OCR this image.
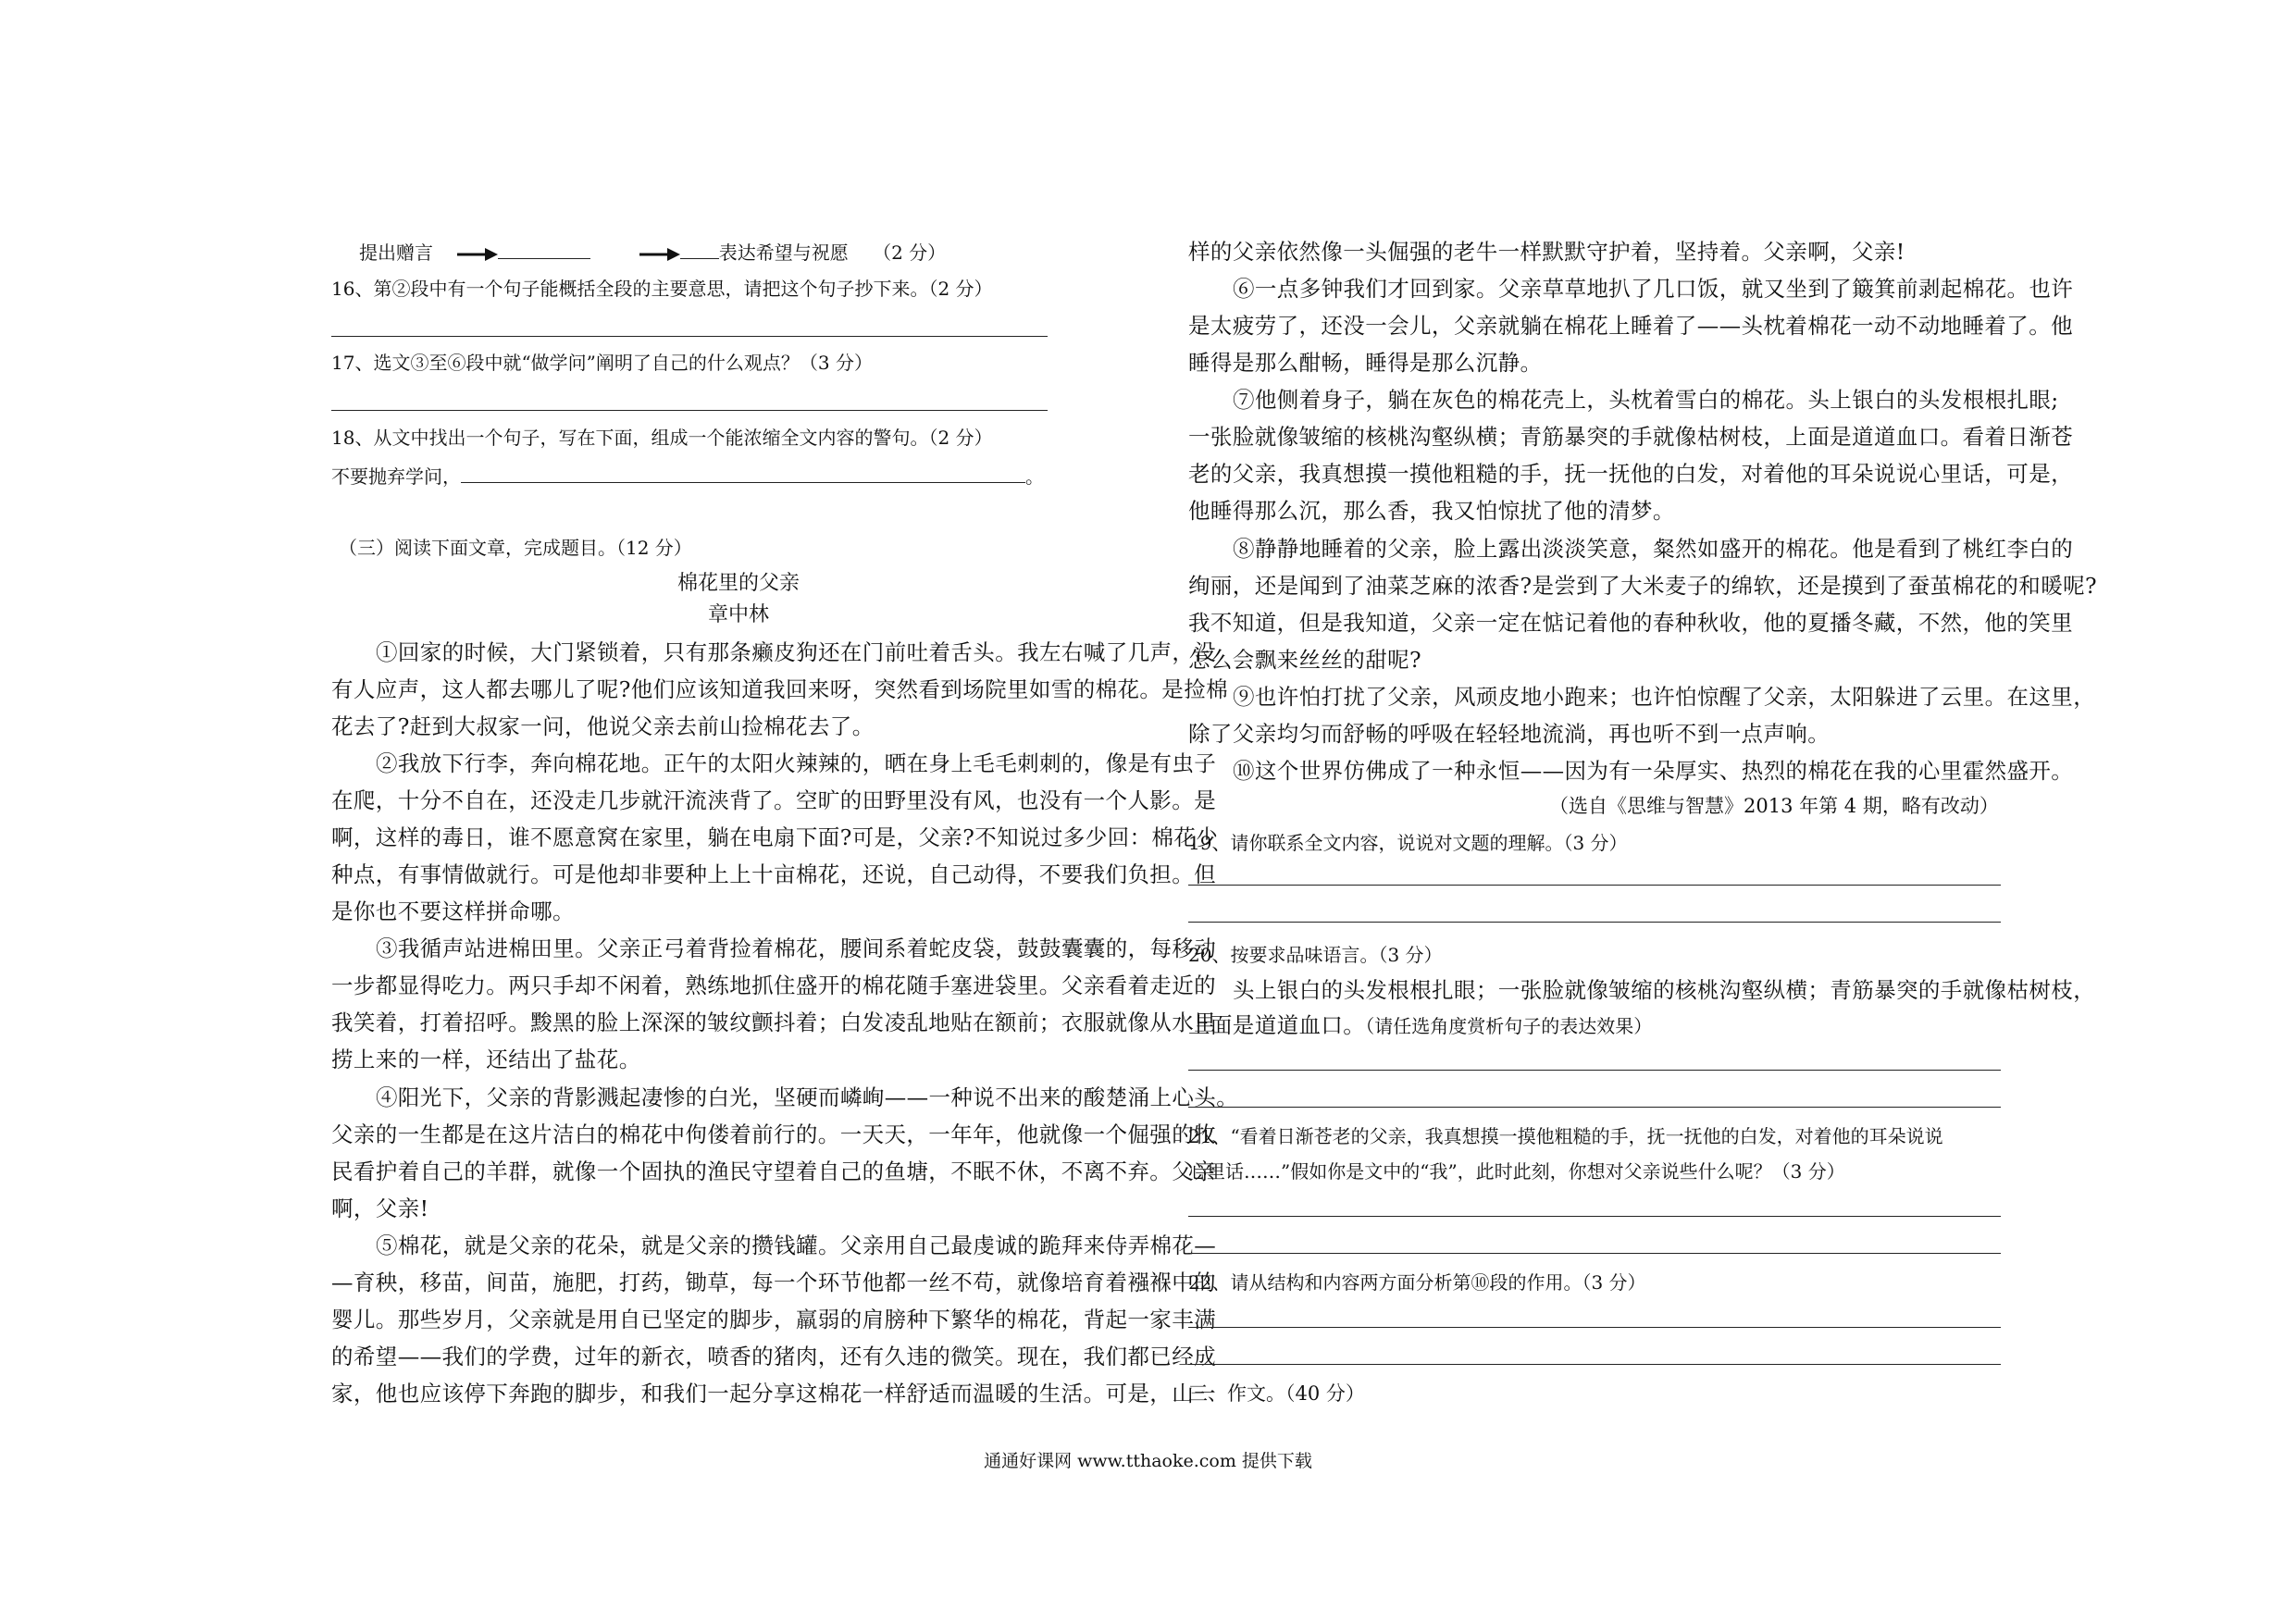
提出赠言	表达希望与祝愿 （2 分）
16、第②段中有一个句子能概括全段的主要意思，请把这个句子抄下来。（2 分）
17、选文③至⑥段中就“做学问”阐明了自己的什么观点？（3 分）
18、从文中找出一个句子，写在下面，组成一个能浓缩全文内容的警句。（2 分）
不要抛弃学问，	。
（三）阅读下面文章，完成题目。（12 分）
棉花里的父亲
章中林
①回家的时候，大门紧锁着，只有那条癞皮狗还在门前吐着舌头。我左右喊了几声，没
有人应声，这人都去哪儿了呢?他们应该知道我回来呀，突然看到场院里如雪的棉花。是捡棉
花去了?赶到大叔家一问，他说父亲去前山捡棉花去了。
②我放下行李，奔向棉花地。正午的太阳火辣辣的，晒在身上毛毛刺刺的，像是有虫子
在爬，十分不自在，还没走几步就汗流浃背了。空旷的田野里没有风，也没有一个人影。是
啊，这样的毒日，谁不愿意窝在家里，躺在电扇下面?可是，父亲?不知说过多少回：棉花少
种点，有事情做就行。可是他却非要种上上十亩棉花，还说，自己动得，不要我们负担。但
是你也不要这样拼命哪。
③我循声站进棉田里。父亲正弓着背捡着棉花，腰间系着蛇皮袋，鼓鼓囊囊的，每移动
一步都显得吃力。两只手却不闲着，熟练地抓住盛开的棉花随手塞进袋里。父亲看着走近的
我笑着，打着招呼。黢黑的脸上深深的皱纹颤抖着；白发凌乱地贴在额前；衣服就像从水里
捞上来的一样，还结出了盐花。
④阳光下，父亲的背影溅起凄惨的白光，坚硬而嶙峋——一种说不出来的酸楚涌上心头。
父亲的一生都是在这片洁白的棉花中佝偻着前行的。一天天，一年年，他就像一个倔强的牧
民看护着自己的羊群，就像一个固执的渔民守望着自己的鱼塘，不眠不休，不离不弃。父亲
啊，父亲!
⑤棉花，就是父亲的花朵，就是父亲的攒钱罐。父亲用自己最虔诚的跪拜来侍弄棉花—
—育秧，移苗，间苗，施肥，打药，锄草，每一个环节他都一丝不苟，就像培育着襁褓中的
婴儿。那些岁月，父亲就是用自已坚定的脚步，羸弱的肩膀种下繁华的棉花，背起一家丰满
的希望——我们的学费，过年的新衣，喷香的猪肉，还有久违的微笑。现在，我们都已经成
家，他也应该停下奔跑的脚步，和我们一起分享这棉花一样舒适而温暖的生活。可是，山一
样的父亲依然像一头倔强的老牛一样默默守护着，坚持着。父亲啊，父亲!
⑥一点多钟我们才回到家。父亲草草地扒了几口饭，就又坐到了簸箕前剥起棉花。也许
是太疲劳了，还没一会儿，父亲就躺在棉花上睡着了——头枕着棉花一动不动地睡着了。他
睡得是那么酣畅，睡得是那么沉静。
⑦他侧着身子，躺在灰色的棉花壳上，头枕着雪白的棉花。头上银白的头发根根扎眼;
一张脸就像皱缩的核桃沟壑纵横；青筋暴突的手就像枯树枝，上面是道道血口。看着日渐苍
老的父亲，我真想摸一摸他粗糙的手，抚一抚他的白发，对着他的耳朵说说心里话，可是，
他睡得那么沉，那么香，我又怕惊扰了他的清梦。
⑧静静地睡着的父亲，脸上露出淡淡笑意，粲然如盛开的棉花。他是看到了桃红李白的
绚丽，还是闻到了油菜芝麻的浓香?是尝到了大米麦子的绵软，还是摸到了蚕茧棉花的和暖呢?
我不知道，但是我知道，父亲一定在惦记着他的春种秋收，他的夏播冬藏，不然，他的笑里
怎么会飘来丝丝的甜呢?
⑨也许怕打扰了父亲，风顽皮地小跑来；也许怕惊醒了父亲，太阳躲进了云里。在这里，
除了父亲均匀而舒畅的呼吸在轻轻地流淌，再也听不到一点声响。
⑩这个世界仿佛成了一种永恒——因为有一朵厚实、热烈的棉花在我的心里霍然盛开。
（选自《思维与智慧》2013 年第 4 期，略有改动）
19、请你联系全文内容，说说对文题的理解。（3 分）
20、按要求品味语言。（3 分）
头上银白的头发根根扎眼；一张脸就像皱缩的核桃沟壑纵横；青筋暴突的手就像枯树枝，
上面是道道血口。（请任选角度赏析句子的表达效果）
21、“看着日渐苍老的父亲，我真想摸一摸他粗糙的手，抚一抚他的白发，对着他的耳朵说说
心里话……”假如你是文中的“我”，此时此刻，你想对父亲说些什么呢？（3 分）
22、请从结构和内容两方面分析第⑩段的作用。（3 分）
三、作文。（40 分）
通通好课网 www.tthaoke.com 提供下载
